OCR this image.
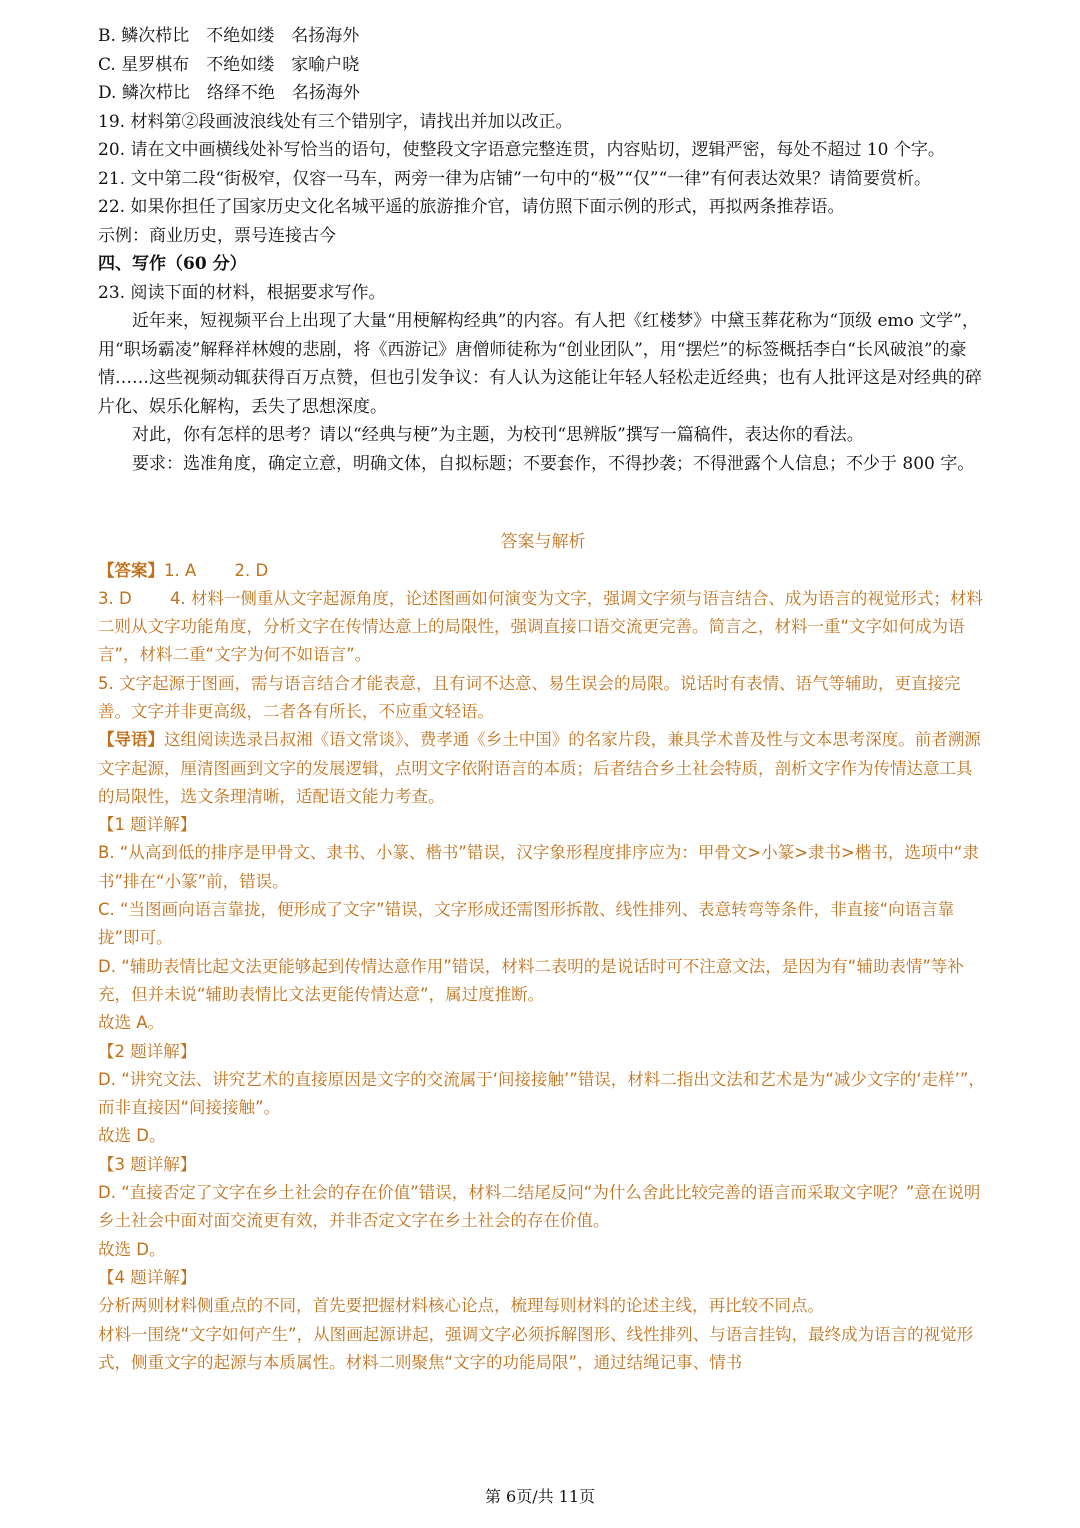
B. 鳞次栉比　不绝如缕　名扬海外
C. 星罗棋布　不绝如缕　家喻户晓
D. 鳞次栉比　络绎不绝　名扬海外
19. 材料第②段画波浪线处有三个错别字，请找出并加以改正。
20. 请在文中画横线处补写恰当的语句，使整段文字语意完整连贯，内容贴切，逻辑严密，每处不超过 10 个字。
21. 文中第二段“街极窄，仅容一马车，两旁一律为店铺”一句中的“极”“仅”“一律”有何表达效果？请简要赏析。
22. 如果你担任了国家历史文化名城平遥的旅游推介官，请仿照下面示例的形式，再拟两条推荐语。
示例：商业历史，票号连接古今
四、写作（60 分）
23. 阅读下面的材料，根据要求写作。
近年来，短视频平台上出现了大量“用梗解构经典”的内容。有人把《红楼梦》中黛玉葬花称为“顶级 emo 文学”，用“职场霸凌”解释祥林嫂的悲剧，将《西游记》唐僧师徒称为“创业团队”，用“摆烂”的标签概括李白“长风破浪”的豪情……这些视频动辄获得百万点赞，但也引发争议：有人认为这能让年轻人轻松走近经典；也有人批评这是对经典的碎片化、娱乐化解构，丢失了思想深度。
对此，你有怎样的思考？请以“经典与梗”为主题，为校刊“思辨版”撰写一篇稿件，表达你的看法。
要求：选准角度，确定立意，明确文体，自拟标题；不要套作，不得抄袭；不得泄露个人信息；不少于 800 字。
答案与解析
【答案】1. A　　 2. D
3. D　　 4. 材料一侧重从文字起源角度，论述图画如何演变为文字，强调文字须与语言结合、成为语言的视觉形式；材料二则从文字功能角度，分析文字在传情达意上的局限性，强调直接口语交流更完善。简言之，材料一重“文字如何成为语言”，材料二重“文字为何不如语言”。
5. 文字起源于图画，需与语言结合才能表意，且有词不达意、易生误会的局限。说话时有表情、语气等辅助，更直接完善。文字并非更高级，二者各有所长，不应重文轻语。
【导语】这组阅读选录吕叔湘《语文常谈》、费孝通《乡土中国》的名家片段，兼具学术普及性与文本思考深度。前者溯源文字起源，厘清图画到文字的发展逻辑，点明文字依附语言的本质；后者结合乡土社会特质，剖析文字作为传情达意工具的局限性，选文条理清晰，适配语文能力考查。
【1 题详解】
B. “从高到低的排序是甲骨文、隶书、小篆、楷书”错误，汉字象形程度排序应为：甲骨文>小篆>隶书>楷书，选项中“隶书”排在“小篆”前，错误。
C. “当图画向语言靠拢，便形成了文字”错误，文字形成还需图形拆散、线性排列、表意转弯等条件，非直接“向语言靠拢”即可。
D. “辅助表情比起文法更能够起到传情达意作用”错误，材料二表明的是说话时可不注意文法，是因为有“辅助表情”等补充，但并未说“辅助表情比文法更能传情达意”，属过度推断。
故选 A。
【2 题详解】
D. “讲究文法、讲究艺术的直接原因是文字的交流属于‘间接接触’”错误，材料二指出文法和艺术是为“减少文字的‘走样’”，而非直接因“间接接触”。
故选 D。
【3 题详解】
D. “直接否定了文字在乡土社会的存在价值”错误，材料二结尾反问“为什么舍此比较完善的语言而采取文字呢？”意在说明乡土社会中面对面交流更有效，并非否定文字在乡土社会的存在价值。
故选 D。
【4 题详解】
分析两则材料侧重点的不同，首先要把握材料核心论点，梳理每则材料的论述主线，再比较不同点。
材料一围绕“文字如何产生”，从图画起源讲起，强调文字必须拆解图形、线性排列、与语言挂钩，最终成为语言的视觉形式，侧重文字的起源与本质属性。材料二则聚焦“文字的功能局限”，通过结绳记事、情书
第 6页/共 11页
